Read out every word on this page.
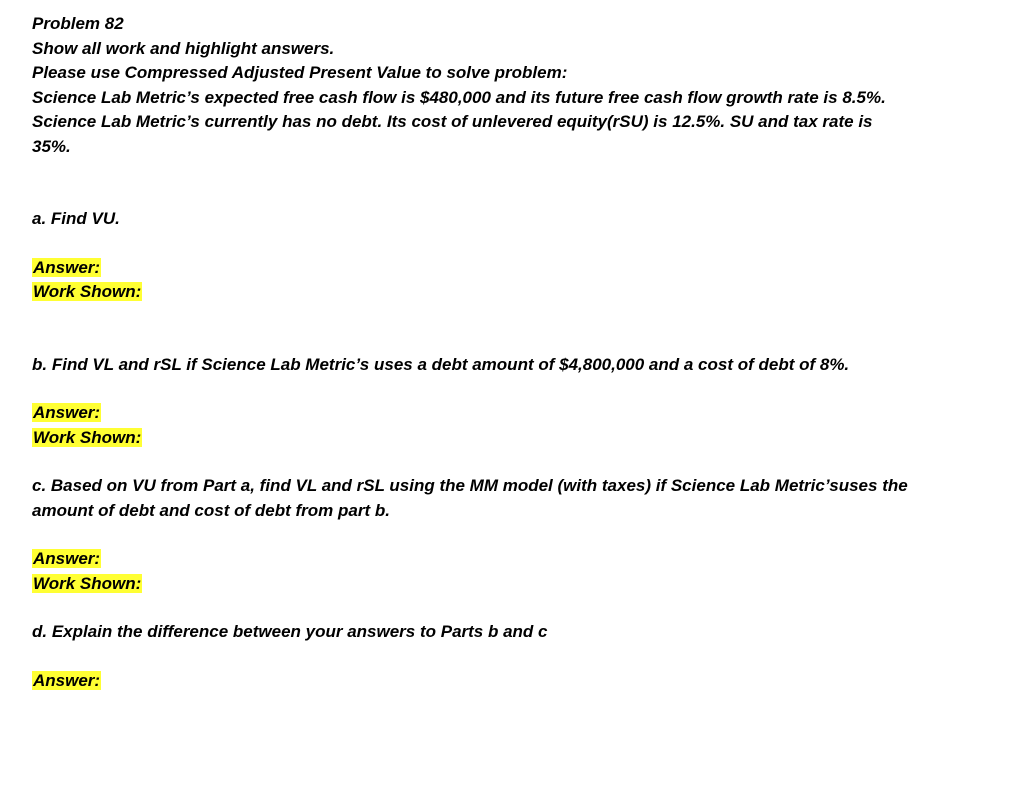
Problem 82
Show all work and highlight answers.
Please use Compressed Adjusted Present Value to solve problem:
Science Lab Metric’s expected free cash flow is $480,000 and its future free cash flow growth rate is 8.5%.
Science Lab Metric’s currently has no debt. Its cost of unlevered equity(rSU) is 12.5%. SU and tax rate is 35%.
a. Find VU.
Answer:
Work Shown:
b. Find VL and rSL if Science Lab Metric’s uses a debt amount of $4,800,000 and a cost of debt of 8%.
Answer:
Work Shown:
c. Based on VU from Part a, find VL and rSL using the MM model (with taxes) if Science Lab Metric’suses the amount of debt and cost of debt from part b.
Answer:
Work Shown:
d. Explain the difference between your answers to Parts b and c
Answer:
